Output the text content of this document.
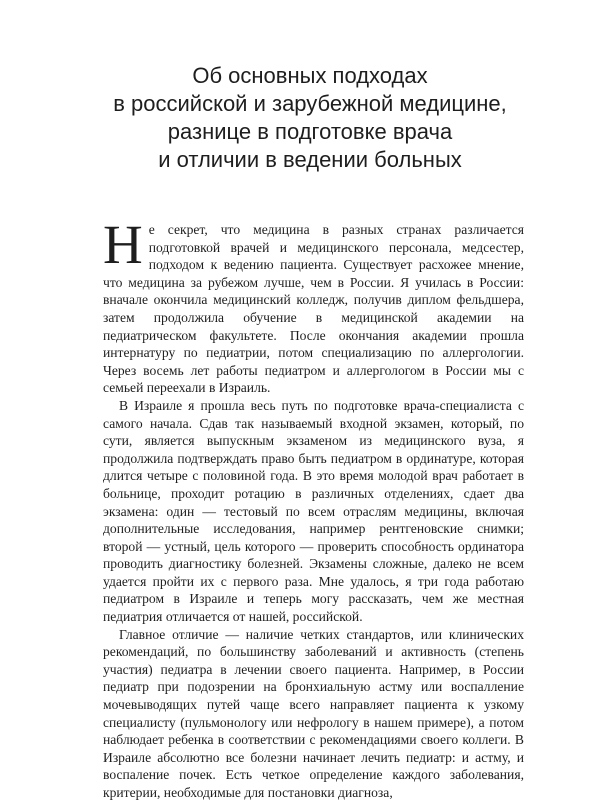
Об основных подходах
в российской и зарубежной медицине,
разнице в подготовке врача
и отличии в ведении больных

Не секрет, что медицина в разных странах различается подготовкой врачей и медицинского персонала, медсестер, подходом к ведению пациента. Существует расхожее мнение, что медицина за рубежом лучше, чем в России. Я училась в России: вначале окончила медицинский колледж, получив диплом фельдшера, затем продолжила обучение в медицинской академии на педиатрическом факультете. После окончания академии прошла интернатуру по педиатрии, потом специализацию по аллергологии. Через восемь лет работы педиатром и аллергологом в России мы с семьей переехали в Израиль.

В Израиле я прошла весь путь по подготовке врача-специалиста с самого начала. Сдав так называемый входной экзамен, который, по сути, является выпускным экзаменом из медицинского вуза, я продолжила подтверждать право быть педиатром в ординатуре, которая длится четыре с половиной года. В это время молодой врач работает в больнице, проходит ротацию в различных отделениях, сдает два экзамена: один — тестовый по всем отраслям медицины, включая дополнительные исследования, например рентгеновские снимки; второй — устный, цель которого — проверить способность ординатора проводить диагностику болезней. Экзамены сложные, далеко не всем удается пройти их с первого раза. Мне удалось, я три года работаю педиатром в Израиле и теперь могу рассказать, чем же местная педиатрия отличается от нашей, российской.

Главное отличие — наличие четких стандартов, или клинических рекомендаций, по большинству заболеваний и активность (степень участия) педиатра в лечении своего пациента. Например, в России педиатр при подозрении на бронхиальную астму или воспалление мочевыводящих путей чаще всего направляет пациента к узкому специалисту (пульмонологу или нефрологу в нашем примере), а потом наблюдает ребенка в соответствии с рекомендациями своего коллеги. В Израиле абсолютно все болезни начинает лечить педиатр: и астму, и воспаление почек. Есть четкое определение каждого заболевания, критерии, необходимые для постановки диагноза,
